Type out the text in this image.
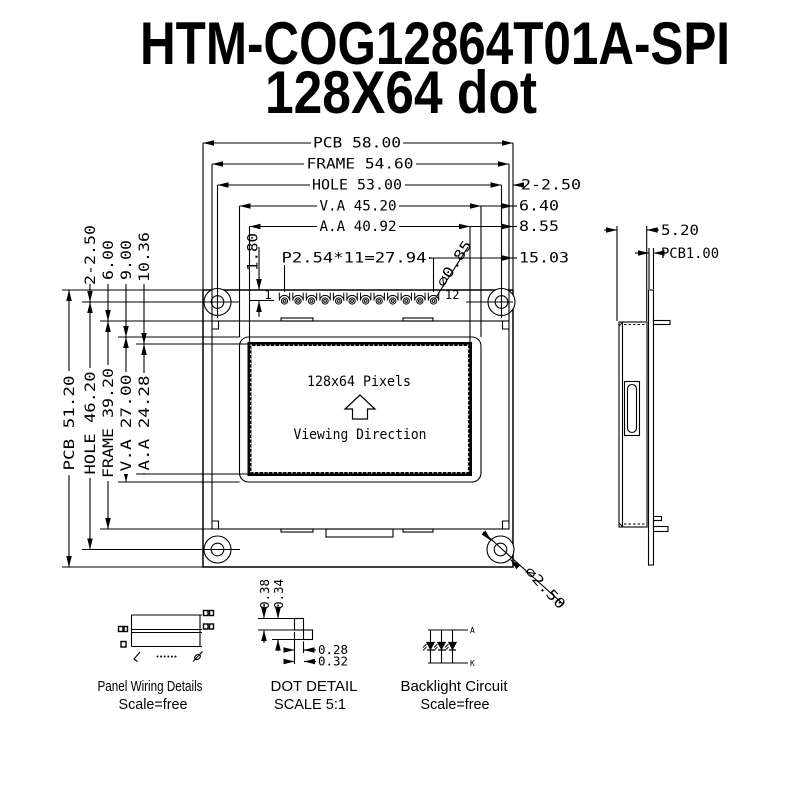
HTM-COG12864T01A-SPI
128X64 dot
128x64 Pixels
Viewing Direction
1	12
PCB 58.00
FRAME 54.60
HOLE 53.00
V.A 45.20
A.A 40.92
P2.54*11=27.94
2-2.50
6.40
8.55
15.03
PCB 51.20 HOLE 46.20 FRAME 39.20 V.A 27.00 A.A 24.28
2-2.50 6.00 9.00 10.36	1.80	⌀0.85
⌀2.50
5.20
PCB1.00
0.38 0.34
0.28
0.32
A
K
Panel Wiring Details
Scale=free
DOT DETAIL
SCALE 5:1
Backlight Circuit
Scale=free
